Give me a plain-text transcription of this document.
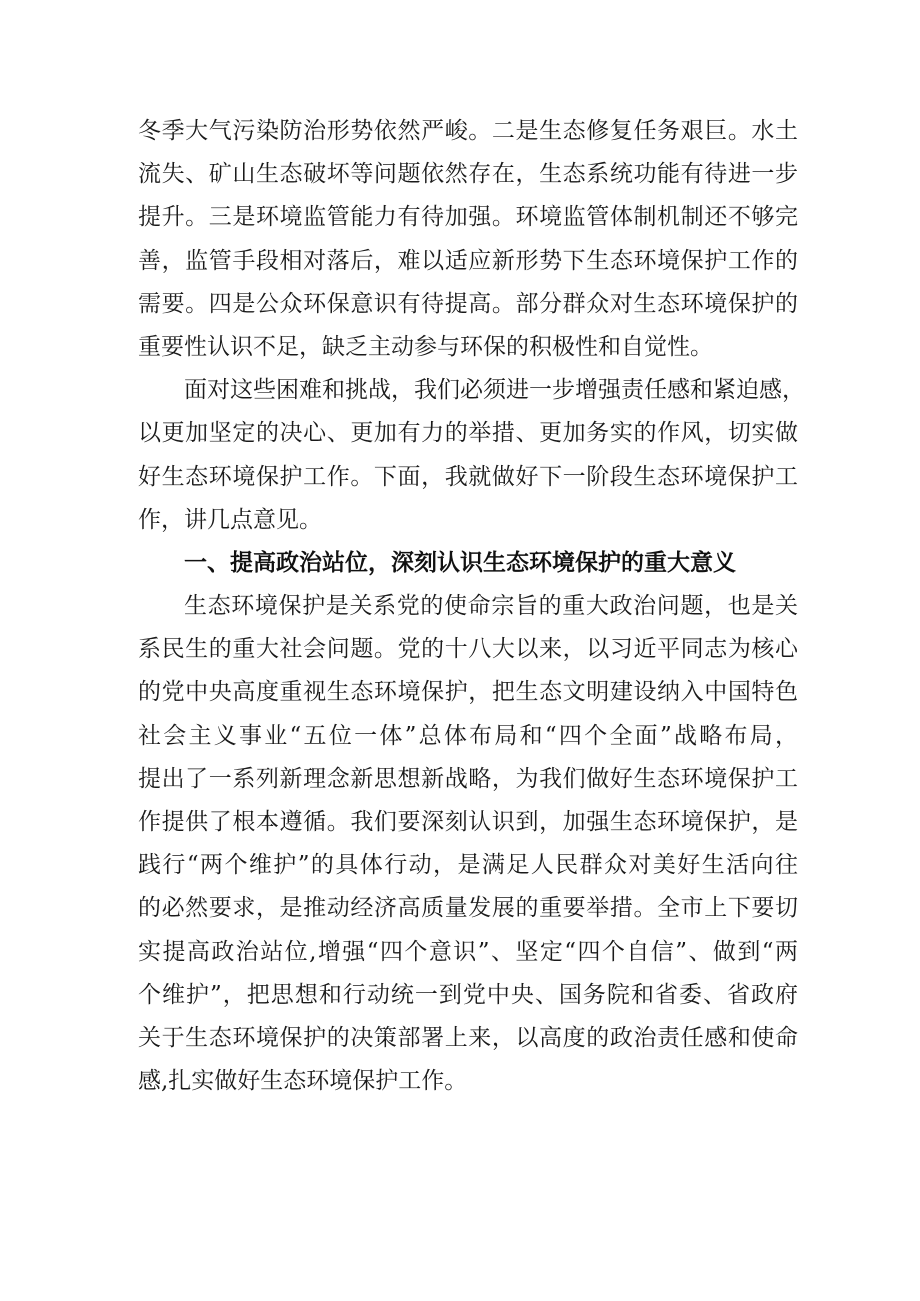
冬季大气污染防治形势依然严峻。二是生态修复任务艰巨。水土
流失、矿山生态破坏等问题依然存在，生态系统功能有待进一步
提升。三是环境监管能力有待加强。环境监管体制机制还不够完
善，监管手段相对落后，难以适应新形势下生态环境保护工作的
需要。四是公众环保意识有待提高。部分群众对生态环境保护的
重要性认识不足，缺乏主动参与环保的积极性和自觉性。
面对这些困难和挑战，我们必须进一步增强责任感和紧迫感，
以更加坚定的决心、更加有力的举措、更加务实的作风，切实做
好生态环境保护工作。下面，我就做好下一阶段生态环境保护工
作，讲几点意见。
一、提高政治站位，深刻认识生态环境保护的重大意义
生态环境保护是关系党的使命宗旨的重大政治问题，也是关
系民生的重大社会问题。党的十八大以来，以习近平同志为核心
的党中央高度重视生态环境保护，把生态文明建设纳入中国特色
社会主义事业“五位一体”总体布局和“四个全面”战略布局，
提出了一系列新理念新思想新战略，为我们做好生态环境保护工
作提供了根本遵循。我们要深刻认识到，加强生态环境保护，是
践行“两个维护”的具体行动，是满足人民群众对美好生活向往
的必然要求，是推动经济高质量发展的重要举措。全市上下要切
实提高政治站位,增强“四个意识”、坚定“四个自信”、做到“两
个维护”，把思想和行动统一到党中央、国务院和省委、省政府
关于生态环境保护的决策部署上来，以高度的政治责任感和使命
感,扎实做好生态环境保护工作。
